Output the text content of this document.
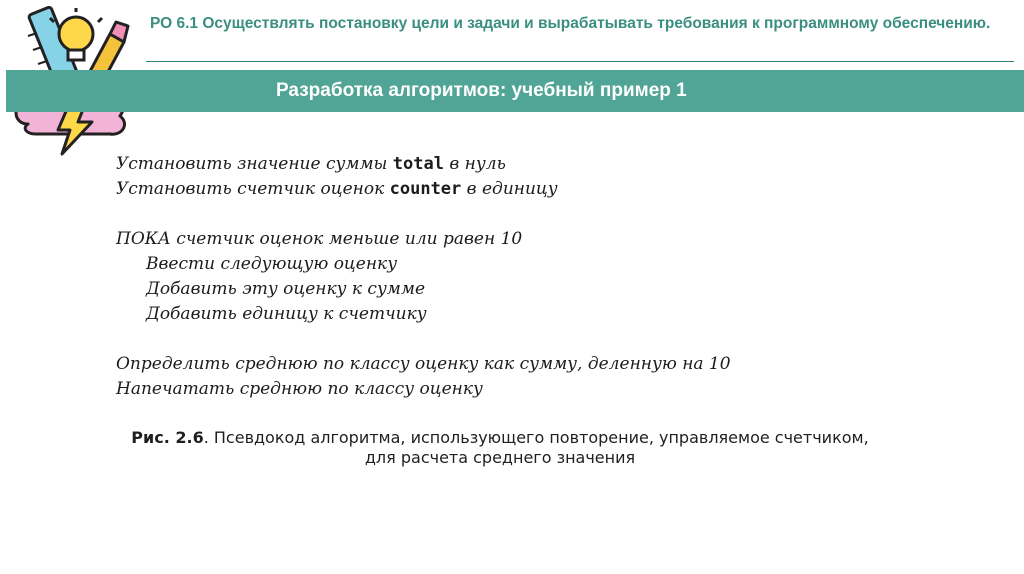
РО 6.1 Осуществлять постановку цели и задачи и вырабатывать требования к программному обеспечению.
Разработка алгоритмов: учебный пример 1
Установить значение суммы total в нуль
Установить счетчик оценок counter в единицу
ПОКА счетчик оценок меньше или равен 10
Ввести следующую оценку
Добавить эту оценку к сумме
Добавить единицу к счетчику
Определить среднюю по классу оценку как сумму, деленную на 10
Напечатать среднюю по классу оценку
Рис. 2.6. Псевдокод алгоритма, использующего повторение, управляемое счетчиком,
для расчета среднего значения
